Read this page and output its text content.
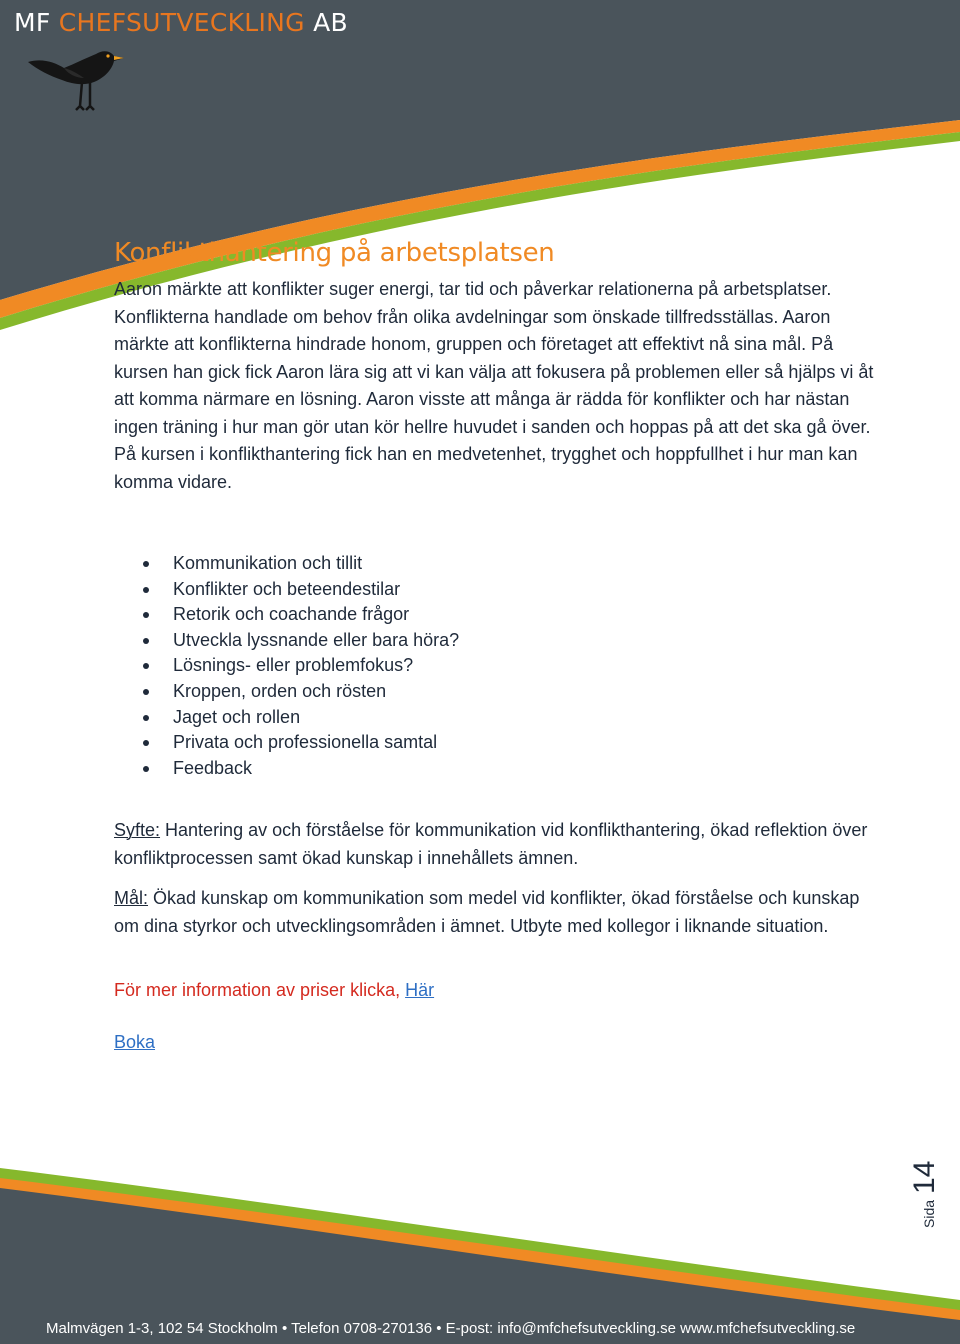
MF CHEFSUTVECKLING AB
Konflikthantering på arbetsplatsen

Aaron märkte att konflikter suger energi, tar tid och påverkar relationerna på arbetsplatser. Konflikterna handlade om behov från olika avdelningar som önskade tillfredsställas. Aaron märkte att konflikterna hindrade honom, gruppen och företaget att effektivt nå sina mål. På kursen han gick fick Aaron lära sig att vi kan välja att fokusera på problemen eller så hjälps vi åt att komma närmare en lösning. Aaron visste att många är rädda för konflikter och har nästan ingen träning i hur man gör utan kör hellre huvudet i sanden och hoppas på att det ska gå över. På kursen i konflikthantering fick han en medvetenhet, trygghet och hoppfullhet i hur man kan komma vidare.

Kommunikation och tillit
Konflikter och beteendestilar
Retorik och coachande frågor
Utveckla lyssnande eller bara höra?
Lösnings- eller problemfokus?
Kroppen, orden och rösten
Jaget och rollen
Privata och professionella samtal
Feedback

Syfte: Hantering av och förståelse för kommunikation vid konflikthantering, ökad reflektion över konfliktprocessen samt ökad kunskap i innehållets ämnen.

Mål: Ökad kunskap om kommunikation som medel vid konflikter, ökad förståelse och kunskap om dina styrkor och utvecklingsområden i ämnet. Utbyte med kollegor i liknande situation.

För mer information av priser klicka, Här

Boka

Sida14
Malmvägen 1-3, 102 54 Stockholm • Telefon 0708-270136 • E-post: info@mfchefsutveckling.se www.mfchefsutveckling.se
